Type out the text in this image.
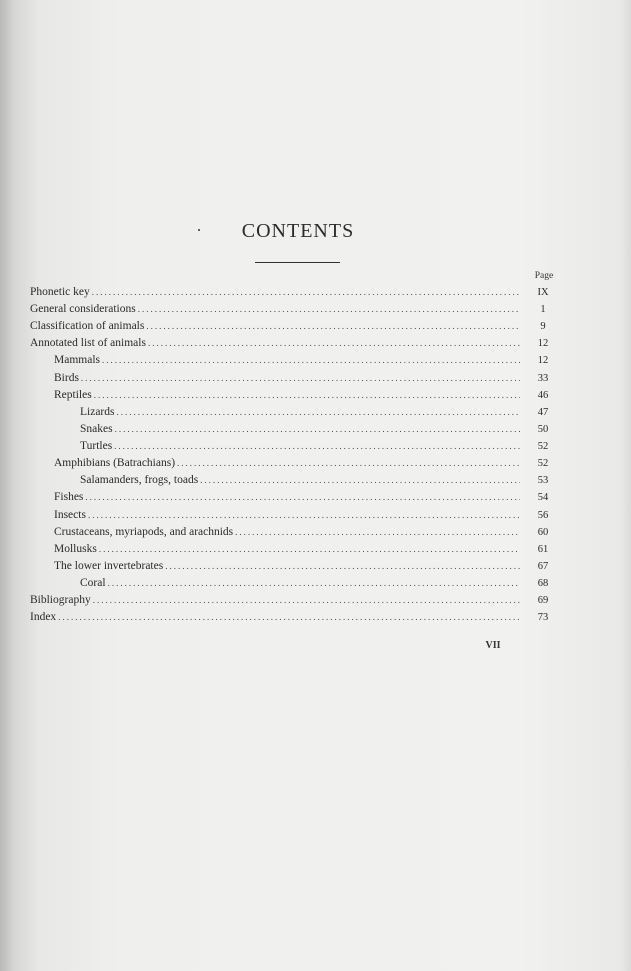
CONTENTS
Page
Phonetic key .....	IX
General considerations .....	1
Classification of animals .....	9
Annotated list of animals .....	12
Mammals .....	12
Birds .....	33
Reptiles .....	46
Lizards .....	47
Snakes .....	50
Turtles .....	52
Amphibians (Batrachians) .....	52
Salamanders, frogs, toads .....	53
Fishes .....	54
Insects .....	56
Crustaceans, myriapods, and arachnids .....	60
Mollusks .....	61
The lower invertebrates .....	67
Coral .....	68
Bibliography .....	69
Index .....	73
VII
